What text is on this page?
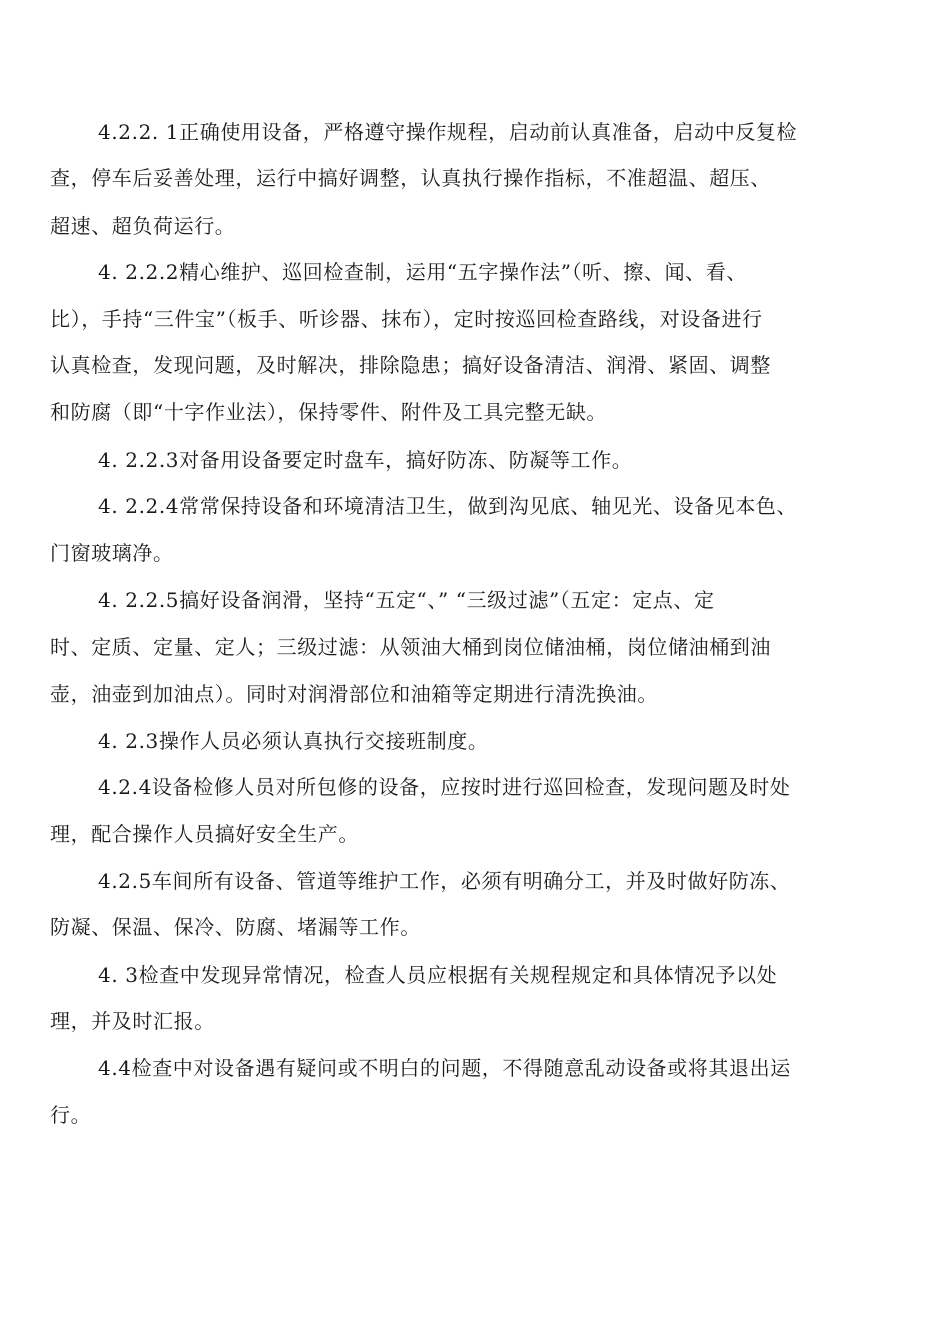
4.2.2. 1正确使用设备，严格遵守操作规程，启动前认真准备，启动中反复检
查，停车后妥善处理，运行中搞好调整，认真执行操作指标，不准超温、超压、
超速、超负荷运行。
4. 2.2.2精心维护、巡回检查制，运用“五字操作法”（听、擦、闻、看、
比），手持“三件宝”（板手、听诊器、抹布），定时按巡回检查路线，对设备进行
认真检查，发现问题，及时解决，排除隐患；搞好设备清洁、润滑、紧固、调整
和防腐（即“十字作业法），保持零件、附件及工具完整无缺。
4. 2.2.3对备用设备要定时盘车，搞好防冻、防凝等工作。
4. 2.2.4常常保持设备和环境清洁卫生，做到沟见底、轴见光、设备见本色、
门窗玻璃净。
4. 2.2.5搞好设备润滑，坚持“五定“、” “三级过滤”（五定：定点、定
时、定质、定量、定人；三级过滤：从领油大桶到岗位储油桶，岗位储油桶到油
壶，油壶到加油点）。同时对润滑部位和油箱等定期进行清洗换油。
4. 2.3操作人员必须认真执行交接班制度。
4.2.4设备检修人员对所包修的设备，应按时进行巡回检查，发现问题及时处
理，配合操作人员搞好安全生产。
4.2.5车间所有设备、管道等维护工作，必须有明确分工，并及时做好防冻、
防凝、保温、保冷、防腐、堵漏等工作。
4. 3检查中发现异常情况，检查人员应根据有关规程规定和具体情况予以处
理，并及时汇报。
4.4检查中对设备遇有疑问或不明白的问题，不得随意乱动设备或将其退出运
行。
